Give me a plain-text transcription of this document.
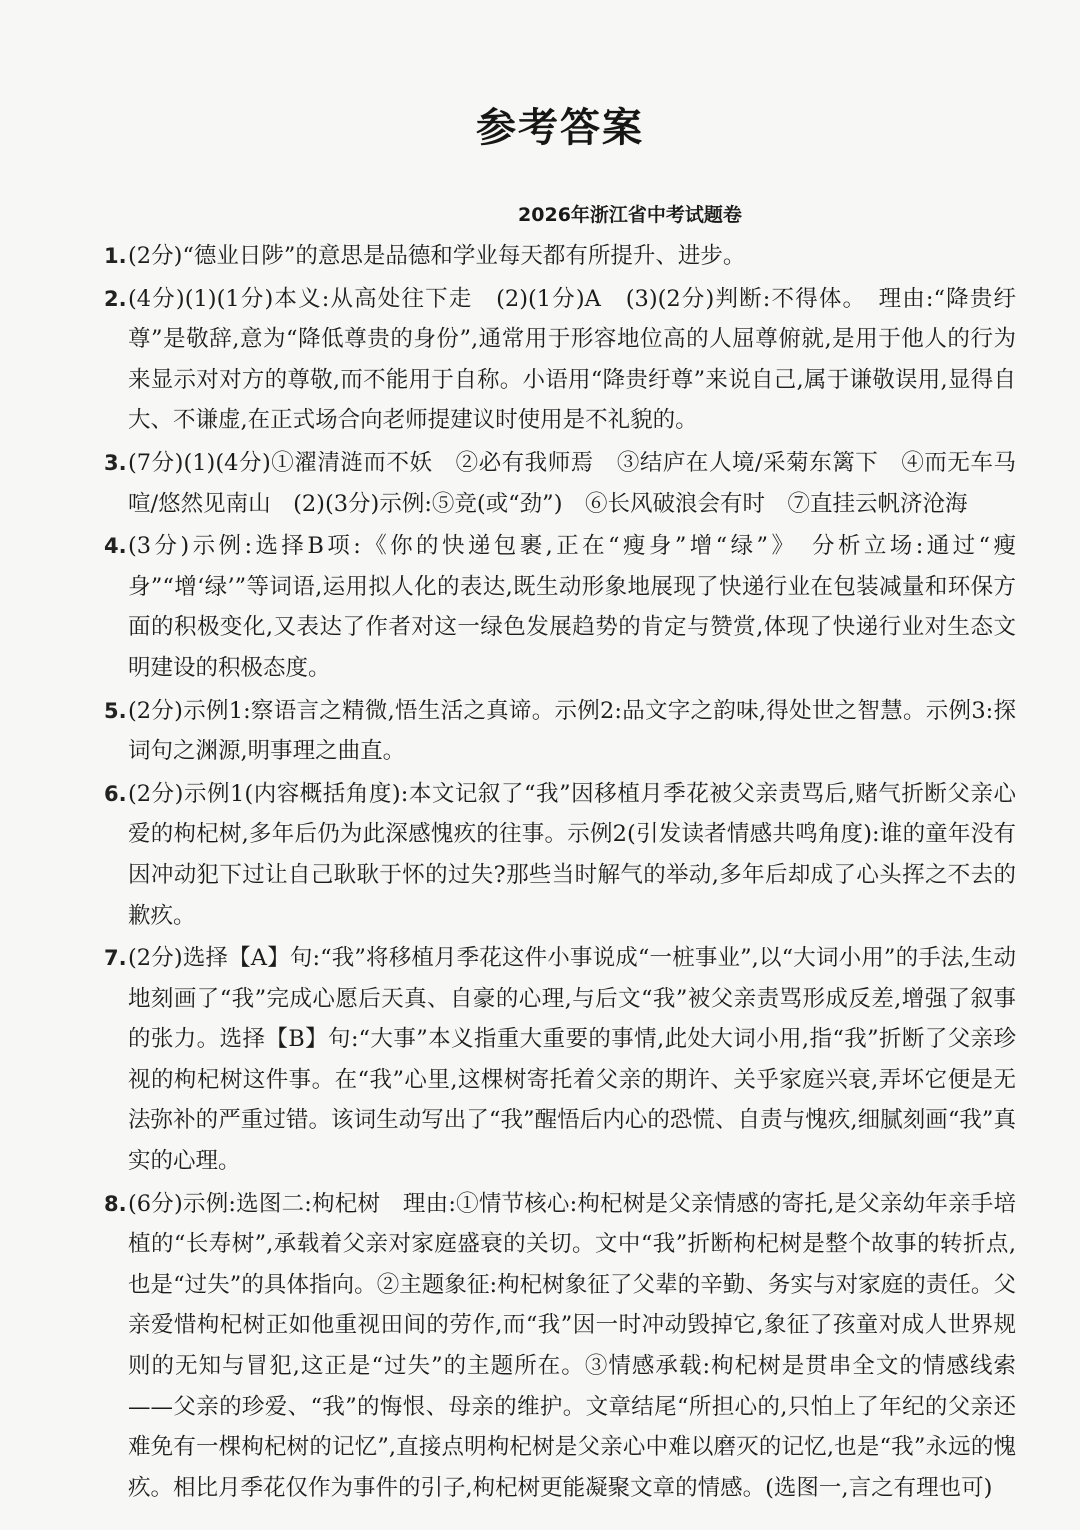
参考答案
2026年浙江省中考试题卷

1. (2分)“德业日陟”的意思是品德和学业每天都有所提升、进步。

2. (4分)(1)(1分)本义:从高处往下走　(2)(1分)A　(3)(2分)判断:不得体。　理由:“降贵纡尊”是敬辞,意为“降低尊贵的身份”,通常用于形容地位高的人屈尊俯就,是用于他人的行为来显示对对方的尊敬,而不能用于自称。小语用“降贵纡尊”来说自己,属于谦敬误用,显得自大、不谦虚,在正式场合向老师提建议时使用是不礼貌的。

3. (7分)(1)(4分)①濯清涟而不妖　②必有我师焉　③结庐在人境/采菊东篱下　④而无车马喧/悠然见南山　(2)(3分)示例:⑤竞(或“劲”)　⑥长风破浪会有时　⑦直挂云帆济沧海

4. (3分)示例:选择B项:《你的快递包裹,正在“瘦身”增“绿”》　分析立场:通过“瘦身”“增‘绿’”等词语,运用拟人化的表达,既生动形象地展现了快递行业在包装减量和环保方面的积极变化,又表达了作者对这一绿色发展趋势的肯定与赞赏,体现了快递行业对生态文明建设的积极态度。

5. (2分)示例1:察语言之精微,悟生活之真谛。示例2:品文字之韵味,得处世之智慧。示例3:探词句之渊源,明事理之曲直。

6. (2分)示例1(内容概括角度):本文记叙了“我”因移植月季花被父亲责骂后,赌气折断父亲心爱的枸杞树,多年后仍为此深感愧疚的往事。示例2(引发读者情感共鸣角度):谁的童年没有因冲动犯下过让自己耿耿于怀的过失?那些当时解气的举动,多年后却成了心头挥之不去的歉疚。

7. (2分)选择【A】句:“我”将移植月季花这件小事说成“一桩事业”,以“大词小用”的手法,生动地刻画了“我”完成心愿后天真、自豪的心理,与后文“我”被父亲责骂形成反差,增强了叙事的张力。选择【B】句:“大事”本义指重大重要的事情,此处大词小用,指“我”折断了父亲珍视的枸杞树这件事。在“我”心里,这棵树寄托着父亲的期许、关乎家庭兴衰,弄坏它便是无法弥补的严重过错。该词生动写出了“我”醒悟后内心的恐慌、自责与愧疚,细腻刻画“我”真实的心理。

8. (6分)示例:选图二:枸杞树　理由:①情节核心:枸杞树是父亲情感的寄托,是父亲幼年亲手培植的“长寿树”,承载着父亲对家庭盛衰的关切。文中“我”折断枸杞树是整个故事的转折点,也是“过失”的具体指向。②主题象征:枸杞树象征了父辈的辛勤、务实与对家庭的责任。父亲爱惜枸杞树正如他重视田间的劳作,而“我”因一时冲动毁掉它,象征了孩童对成人世界规则的无知与冒犯,这正是“过失”的主题所在。③情感承载:枸杞树是贯串全文的情感线索——父亲的珍爱、“我”的悔恨、母亲的维护。文章结尾“所担心的,只怕上了年纪的父亲还难免有一棵枸杞树的记忆”,直接点明枸杞树是父亲心中难以磨灭的记忆,也是“我”永远的愧疚。相比月季花仅作为事件的引子,枸杞树更能凝聚文章的情感。(选图一,言之有理也可)
